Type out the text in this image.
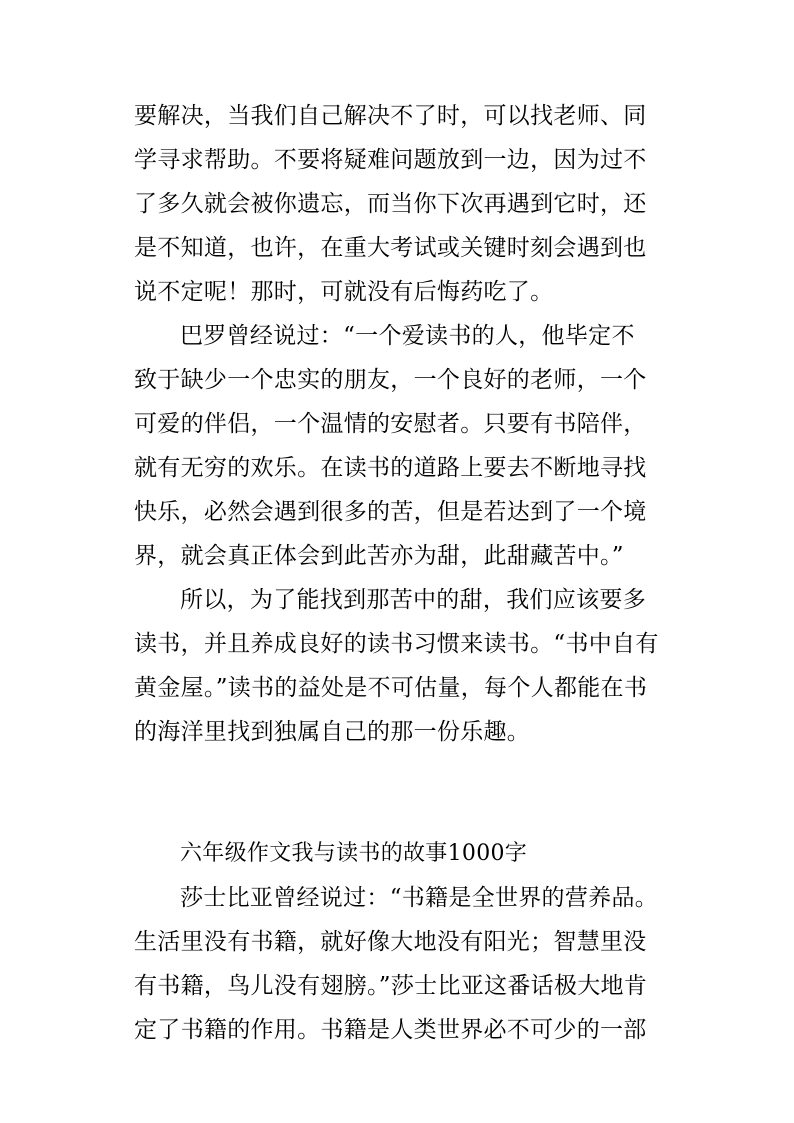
要解决，当我们自己解决不了时，可以找老师、同
学寻求帮助。不要将疑难问题放到一边，因为过不
了多久就会被你遗忘，而当你下次再遇到它时，还
是不知道，也许，在重大考试或关键时刻会遇到也
说不定呢！那时，可就没有后悔药吃了。
巴罗曾经说过：“一个爱读书的人，他毕定不
致于缺少一个忠实的朋友，一个良好的老师，一个
可爱的伴侣，一个温情的安慰者。只要有书陪伴，
就有无穷的欢乐。在读书的道路上要去不断地寻找
快乐，必然会遇到很多的苦，但是若达到了一个境
界，就会真正体会到此苦亦为甜，此甜藏苦中。”
所以，为了能找到那苦中的甜，我们应该要多
读书，并且养成良好的读书习惯来读书。“书中自有
黄金屋。”读书的益处是不可估量，每个人都能在书
的海洋里找到独属自己的那一份乐趣。
六年级作文我与读书的故事1000字
莎士比亚曾经说过：“书籍是全世界的营养品。
生活里没有书籍，就好像大地没有阳光；智慧里没
有书籍，鸟儿没有翅膀。”莎士比亚这番话极大地肯
定了书籍的作用。书籍是人类世界必不可少的一部
